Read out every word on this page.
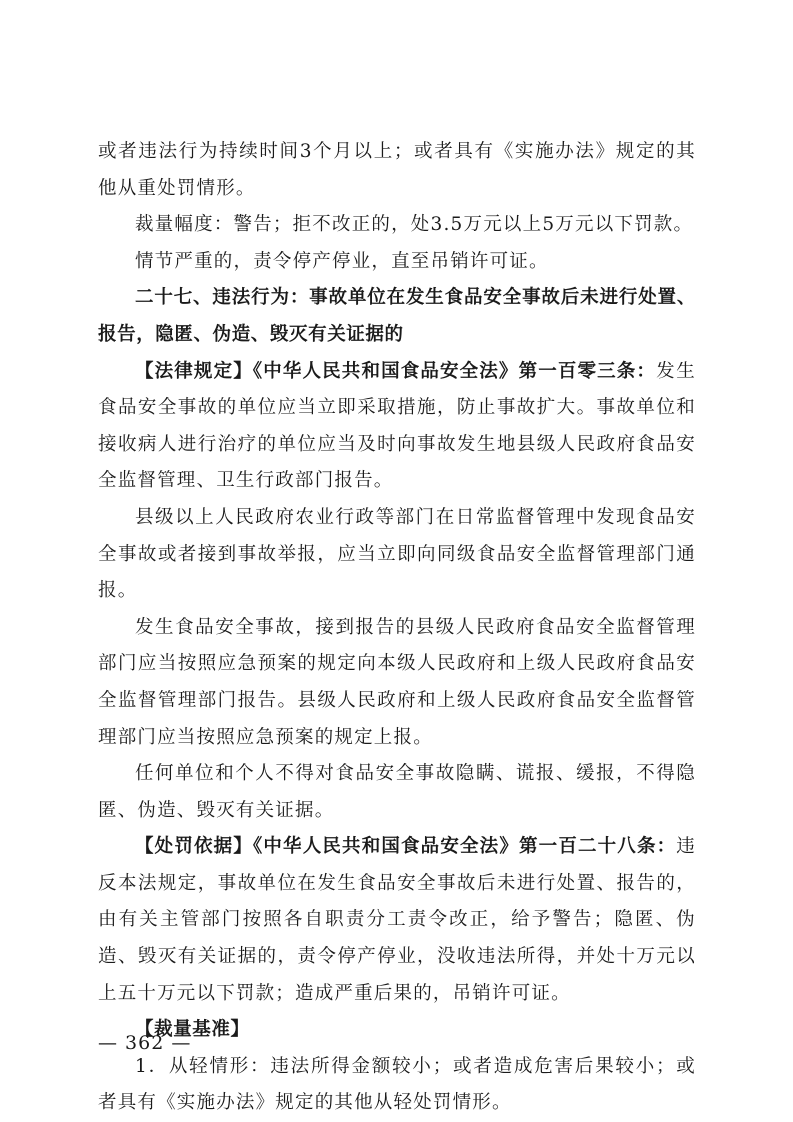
或者违法行为持续时间3个月以上；或者具有《实施办法》规定的其他从重处罚情形。

裁量幅度：警告；拒不改正的，处3.5万元以上5万元以下罚款。

情节严重的，责令停产停业，直至吊销许可证。

二十七、违法行为：事故单位在发生食品安全事故后未进行处置、报告，隐匿、伪造、毁灭有关证据的

【法律规定】《中华人民共和国食品安全法》第一百零三条：发生食品安全事故的单位应当立即采取措施，防止事故扩大。事故单位和接收病人进行治疗的单位应当及时向事故发生地县级人民政府食品安全监督管理、卫生行政部门报告。

县级以上人民政府农业行政等部门在日常监督管理中发现食品安全事故或者接到事故举报，应当立即向同级食品安全监督管理部门通报。

发生食品安全事故，接到报告的县级人民政府食品安全监督管理部门应当按照应急预案的规定向本级人民政府和上级人民政府食品安全监督管理部门报告。县级人民政府和上级人民政府食品安全监督管理部门应当按照应急预案的规定上报。

任何单位和个人不得对食品安全事故隐瞒、谎报、缓报，不得隐匿、伪造、毁灭有关证据。

【处罚依据】《中华人民共和国食品安全法》第一百二十八条：违反本法规定，事故单位在发生食品安全事故后未进行处置、报告的，由有关主管部门按照各自职责分工责令改正，给予警告；隐匿、伪造、毁灭有关证据的，责令停产停业，没收违法所得，并处十万元以上五十万元以下罚款；造成严重后果的，吊销许可证。

【裁量基准】

1．从轻情形：违法所得金额较小；或者造成危害后果较小；或者具有《实施办法》规定的其他从轻处罚情形。

— 362 —
